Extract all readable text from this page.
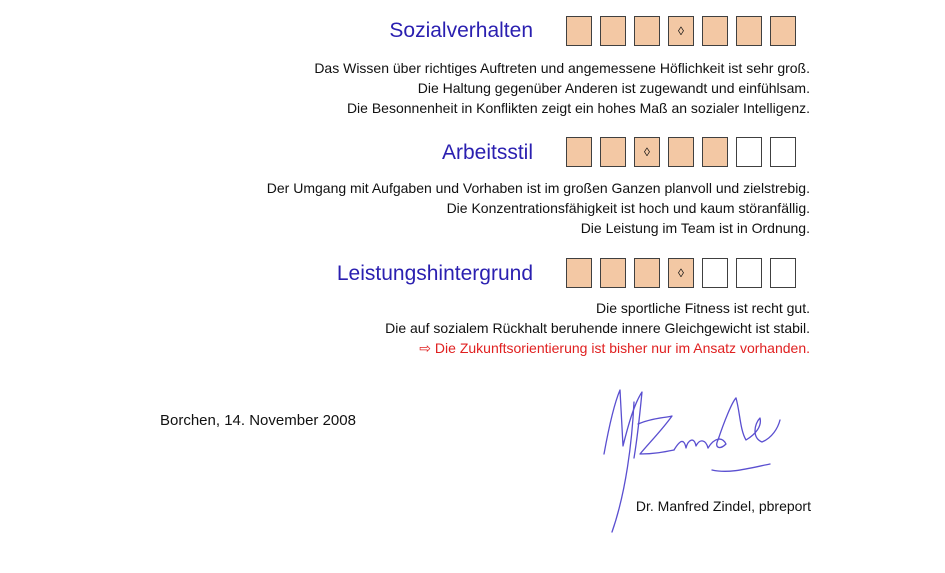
Sozialverhalten	◊
Das Wissen über richtiges Auftreten und angemessene Höflichkeit ist sehr groß.
Die Haltung gegenüber Anderen ist zugewandt und einfühlsam.
Die Besonnenheit in Konflikten zeigt ein hohes Maß an sozialer Intelligenz.
Arbeitsstil	◊
Der Umgang mit Aufgaben und Vorhaben ist im großen Ganzen planvoll und zielstrebig.
Die Konzentrationsfähigkeit ist hoch und kaum störanfällig.
Die Leistung im Team ist in Ordnung.
Leistungshintergrund	◊
Die sportliche Fitness ist recht gut.
Die auf sozialem Rückhalt beruhende innere Gleichgewicht ist stabil.
⇨ Die Zukunftsorientierung ist bisher nur im Ansatz vorhanden.
Borchen, 14. November 2008
Dr. Manfred Zindel, pbreport
